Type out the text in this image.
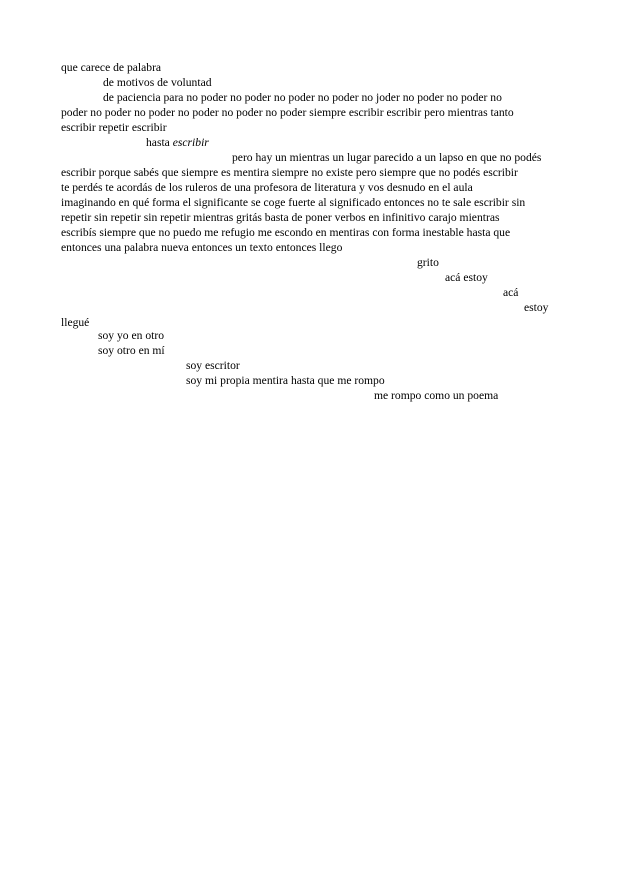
que carece de palabra
de motivos de voluntad
de paciencia para no poder no poder no poder no poder no joder no poder no poder no
poder no poder no poder no poder no poder no poder siempre escribir escribir pero mientras tanto
escribir repetir escribir
hasta escribir
pero hay un mientras un lugar parecido a un lapso en que no podés
escribir porque sabés que siempre es mentira siempre no existe pero siempre que no podés escribir
te perdés te acordás de los ruleros de una profesora de literatura y vos desnudo en el aula
imaginando en qué forma el significante se coge fuerte al significado entonces no te sale escribir sin
repetir sin repetir sin repetir mientras gritás basta de poner verbos en infinitivo carajo mientras
escribís siempre que no puedo me refugio me escondo en mentiras con forma inestable hasta que
entonces una palabra nueva entonces un texto entonces llego
grito
acá estoy
acá
estoy
llegué
soy yo en otro
soy otro en mí
soy escritor
soy mi propia mentira hasta que me rompo
me rompo como un poema
